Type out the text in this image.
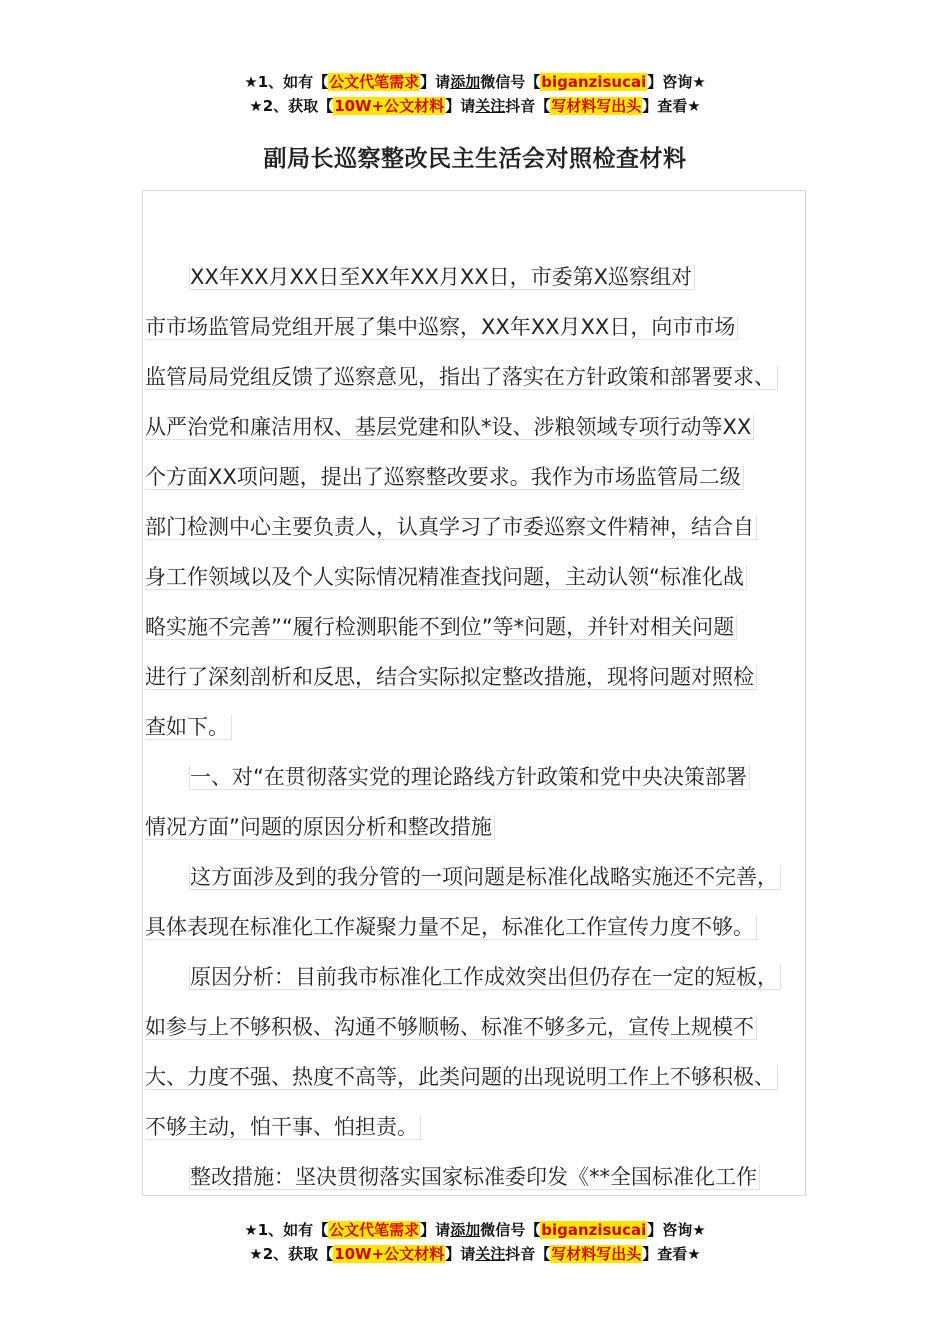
★1、如有【公文代笔需求】请添加微信号【biganzisucai】咨询★
★2、获取【10W+公文材料】请关注抖音【写材料写出头】查看★
副局长巡察整改民主生活会对照检查材料
XX年XX月XX日至XX年XX月XX日，市委第X巡察组对
市市场监管局党组开展了集中巡察，XX年XX月XX日，向市市场
监管局局党组反馈了巡察意见，指出了落实在方针政策和部署要求、
从严治党和廉洁用权、基层党建和队*设、涉粮领域专项行动等XX
个方面XX项问题，提出了巡察整改要求。我作为市场监管局二级
部门检测中心主要负责人，认真学习了市委巡察文件精神，结合自
身工作领域以及个人实际情况精准查找问题，主动认领“标准化战
略实施不完善”“履行检测职能不到位”等*问题，并针对相关问题
进行了深刻剖析和反思，结合实际拟定整改措施，现将问题对照检
查如下。
一、对“在贯彻落实党的理论路线方针政策和党中央决策部署
情况方面”问题的原因分析和整改措施
这方面涉及到的我分管的一项问题是标准化战略实施还不完善，
具体表现在标准化工作凝聚力量不足，标准化工作宣传力度不够。
原因分析：目前我市标准化工作成效突出但仍存在一定的短板，
如参与上不够积极、沟通不够顺畅、标准不够多元，宣传上规模不
大、力度不强、热度不高等，此类问题的出现说明工作上不够积极、
不够主动，怕干事、怕担责。
整改措施：坚决贯彻落实国家标准委印发《**全国标准化工作
★1、如有【公文代笔需求】请添加微信号【biganzisucai】咨询★
★2、获取【10W+公文材料】请关注抖音【写材料写出头】查看★
